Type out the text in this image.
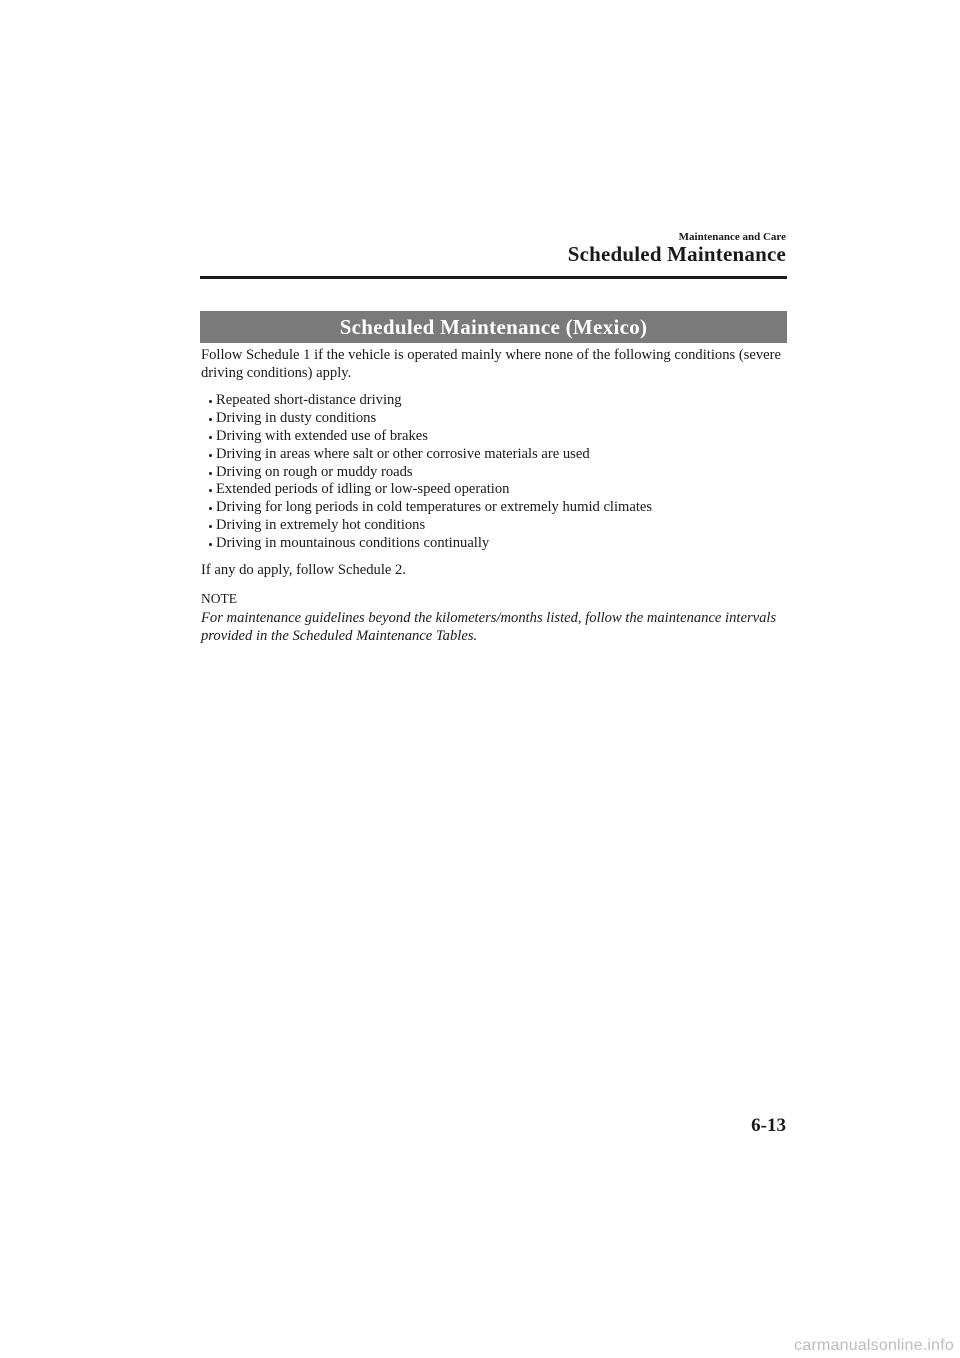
Maintenance and Care
Scheduled Maintenance
Scheduled Maintenance (Mexico)

Follow Schedule 1 if the vehicle is operated mainly where none of the following conditions (severe driving conditions) apply.

Repeated short-distance driving
Driving in dusty conditions
Driving with extended use of brakes
Driving in areas where salt or other corrosive materials are used
Driving on rough or muddy roads
Extended periods of idling or low-speed operation
Driving for long periods in cold temperatures or extremely humid climates
Driving in extremely hot conditions
Driving in mountainous conditions continually

If any do apply, follow Schedule 2.

NOTE

For maintenance guidelines beyond the kilometers/months listed, follow the maintenance intervals provided in the Scheduled Maintenance Tables.

6-13
carmanualsonline.info
